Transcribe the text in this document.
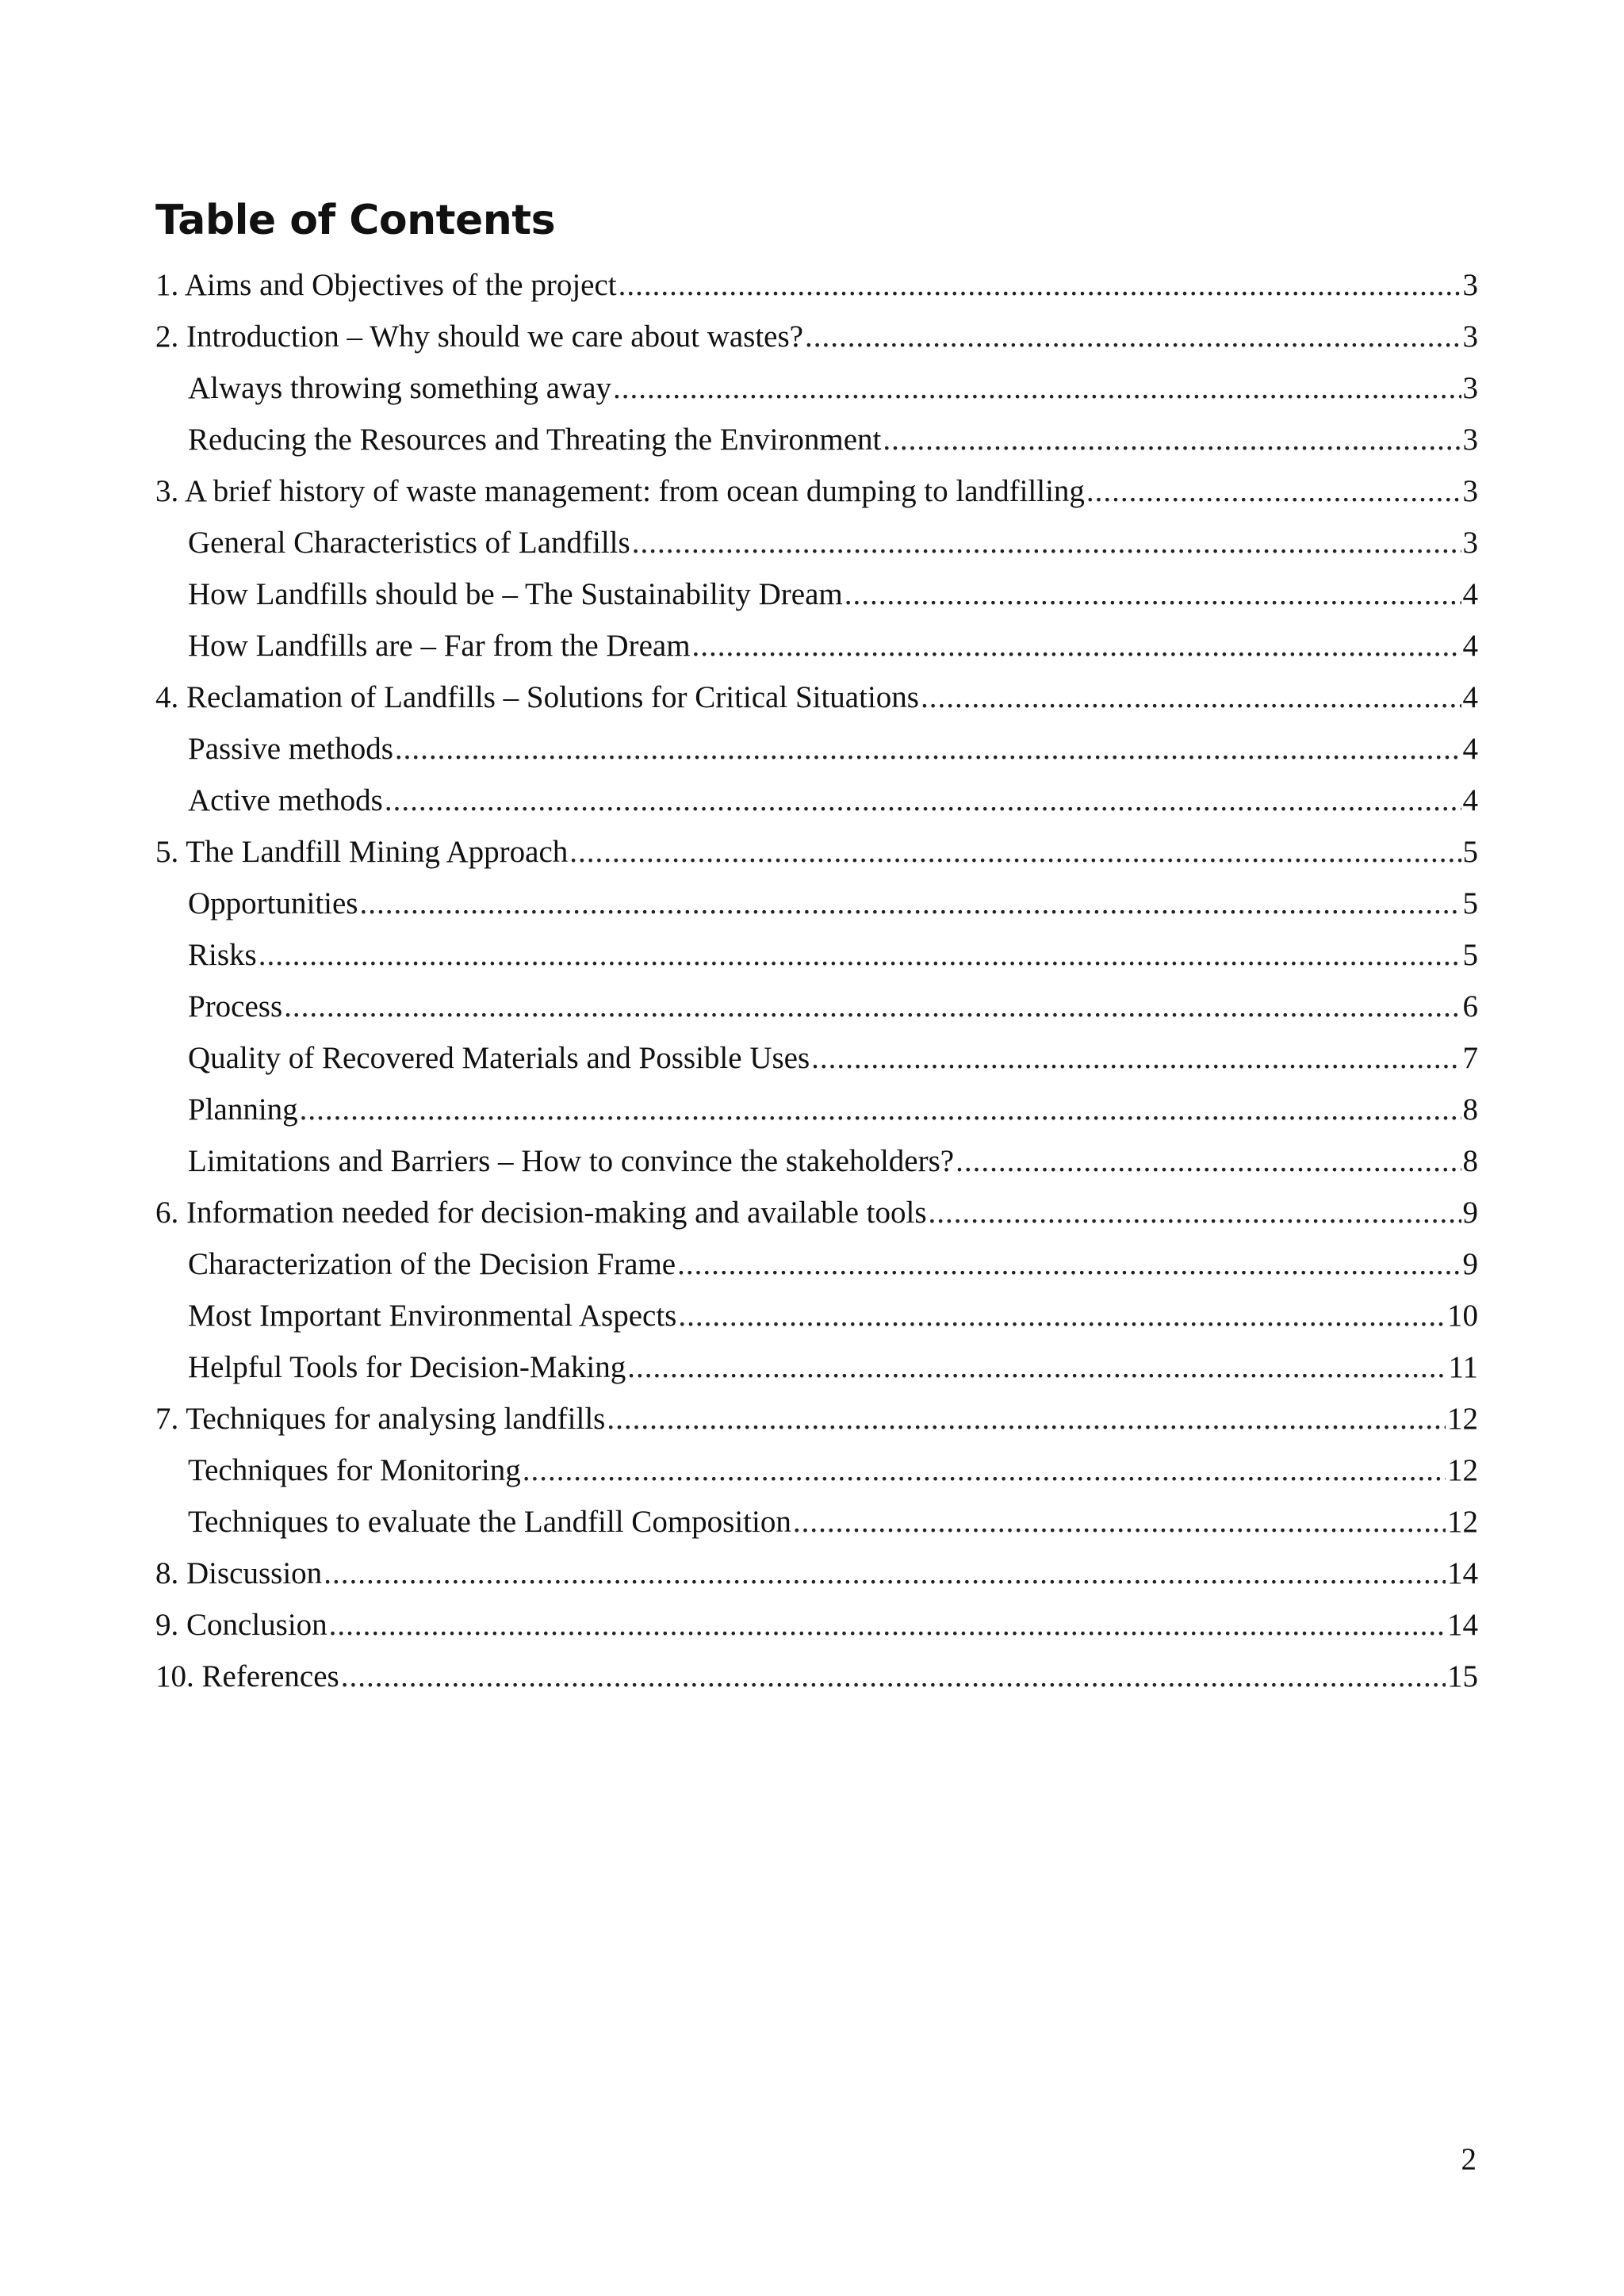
Table of Contents
1. Aims and Objectives of the project .....	3
2. Introduction – Why should we care about wastes? .....	3
Always throwing something away .....	3
Reducing the Resources and Threating the Environment .....	3
3. A brief history of waste management: from ocean dumping to landfilling .....	3
General Characteristics of Landfills .....	3
How Landfills should be – The Sustainability Dream .....	4
How Landfills are – Far from the Dream .....	4
4. Reclamation of Landfills – Solutions for Critical Situations .....	4
Passive methods .....	4
Active methods .....	4
5. The Landfill Mining Approach .....	5
Opportunities .....	5
Risks .....	5
Process .....	6
Quality of Recovered Materials and Possible Uses .....	7
Planning .....	8
Limitations and Barriers – How to convince the stakeholders? .....	8
6. Information needed for decision-making and available tools .....	9
Characterization of the Decision Frame .....	9
Most Important Environmental Aspects .....	10
Helpful Tools for Decision-Making .....	11
7. Techniques for analysing landfills .....	12
Techniques for Monitoring .....	12
Techniques to evaluate the Landfill Composition .....	12
8. Discussion .....	14
9. Conclusion .....	14
10. References .....	15

2
